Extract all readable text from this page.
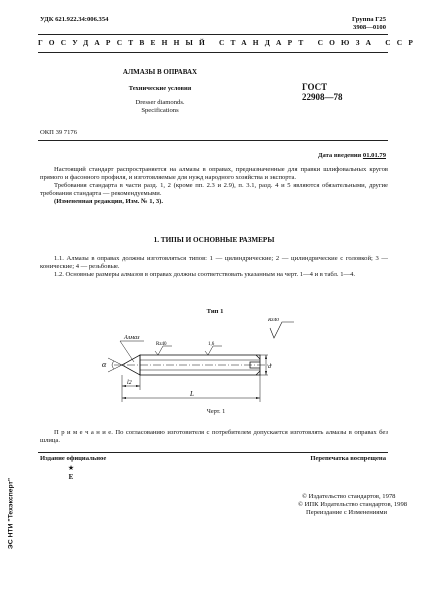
УДК 621.922.34:006.354	Группа Г25
3908—0100
ГОСУДАРСТВЕННЫЙ СТАНДАРТ СОЮЗА ССР
АЛМАЗЫ В ОПРАВАХ
Технические условия
Dresser diamonds.
Specifications
ГОСТ
22908—78
ОКП 39 7176
Дата введения 01.01.79

Настоящий стандарт распространяется на алмазы в оправах, предназначенные для правки шлифовальных кругов прямого и фасонного профиля, и изготовляемые для нужд народного хозяйства и экспорта.

Требования стандарта в части разд. 1, 2 (кроме пп. 2.3 и 2.9), п. 3.1, разд. 4 и 5 являются обязательными, другие требования стандарта — рекомендуемыми.

(Измененная редакция, Изм. № 1, 3).

1. ТИПЫ И ОСНОВНЫЕ РАЗМЕРЫ

1.1. Алмазы в оправах должны изготовляться типов: 1 — цилиндрические; 2 — цилиндрические с головкой; 3 — конические; 4 — резьбовые.

1.2. Основные размеры алмазов в оправах должны соответствовать указанным на черт. 1—4 и в табл. 1—4.

Тип 1
Алмаз
α
l2
L
d
Rz40	1,6
Rz40
Черт. 1
П р и м е ч а н и е. По согласованию изготовителя с потребителем допускается изготовлять алмазы в оправах без шлица.
Издание официальное	Перепечатка воспрещена
★
E
© Издательство стандартов, 1978
© ИПК Издательство стандартов, 1998
Переиздание с Изменениями
ЭС НТИ "Техэксперт"
